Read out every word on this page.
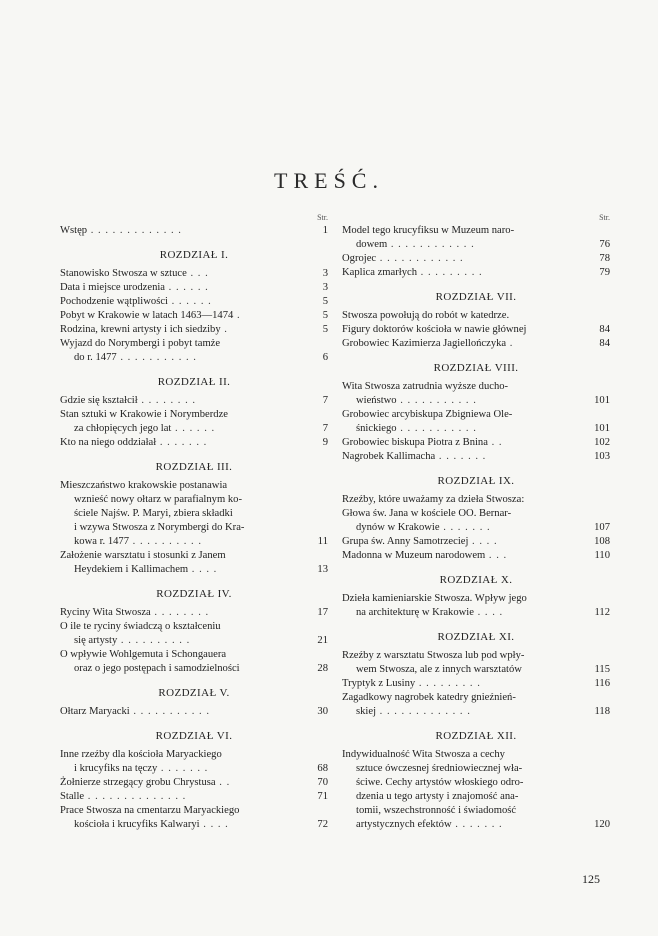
TREŚĆ.
Str.
Wstęp . . . . . . . . . . . . .	1
ROZDZIAŁ I.
Stanowisko Stwosza w sztuce . . .	3
Data i miejsce urodzenia . . . . . .	3
Pochodzenie wątpliwości . . . . . .	5
Pobyt w Krakowie w latach 1463—1474 .	5
Rodzina, krewni artysty i ich siedziby .	5
Wyjazd do Norymbergi i pobyt tamże
do r. 1477 . . . . . . . . . . .	6
ROZDZIAŁ II.
Gdzie się kształcił . . . . . . . .	7
Stan sztuki w Krakowie i Norymberdze
za chłopięcych jego lat . . . . . .	7
Kto na niego oddziałał . . . . . . .	9
ROZDZIAŁ III.
Mieszczaństwo krakowskie postanawia
wznieść nowy ołtarz w parafialnym ko-
ściele Najśw. P. Maryi, zbiera składki
i wzywa Stwosza z Norymbergi do Kra-
kowa r. 1477 . . . . . . . . . .	11
Założenie warsztatu i stosunki z Janem
Heydekiem i Kallimachem . . . .	13
ROZDZIAŁ IV.
Ryciny Wita Stwosza . . . . . . . .	17
O ile te ryciny świadczą o kształceniu
się artysty . . . . . . . . . .	21
O wpływie Wohlgemuta i Schongauera
oraz o jego postępach i samodzielności	28
ROZDZIAŁ V.
Ołtarz Maryacki . . . . . . . . . . .	30
ROZDZIAŁ VI.
Inne rzeźby dla kościoła Maryackiego
i krucyfiks na tęczy . . . . . . .	68
Żołnierze strzegący grobu Chrystusa . .	70
Stalle . . . . . . . . . . . . . .	71
Prace Stwosza na cmentarzu Maryackiego
kościoła i krucyfiks Kalwaryi . . . .	72
Str.
Model tego krucyfiksu w Muzeum naro-
dowem . . . . . . . . . . . .	76
Ogrojec . . . . . . . . . . . .	78
Kaplica zmarłych . . . . . . . . .	79
ROZDZIAŁ VII.
Stwosza powołują do robót w katedrze.
Figury doktorów kościoła w nawie głównej	84
Grobowiec Kazimierza Jagiellończyka .	84
ROZDZIAŁ VIII.
Wita Stwosza zatrudnia wyższe ducho-
wieństwo . . . . . . . . . . .	101
Grobowiec arcybiskupa Zbigniewa Ole-
śnickiego . . . . . . . . . . .	101
Grobowiec biskupa Piotra z Bnina . .	102
Nagrobek Kallimacha . . . . . . .	103
ROZDZIAŁ IX.
Rzeźby, które uważamy za dzieła Stwosza:
Głowa św. Jana w kościele OO. Bernar-
dynów w Krakowie . . . . . . .	107
Grupa św. Anny Samotrzeciej . . . .	108
Madonna w Muzeum narodowem . . .	110
ROZDZIAŁ X.
Dzieła kamieniarskie Stwosza. Wpływ jego
na architekturę w Krakowie . . . .	112
ROZDZIAŁ XI.
Rzeźby z warsztatu Stwosza lub pod wpły-
wem Stwosza, ale z innych warsztatów	115
Tryptyk z Lusiny . . . . . . . . .	116
Zagadkowy nagrobek katedry gnieźnień-
skiej . . . . . . . . . . . . .	118
ROZDZIAŁ XII.
Indywidualność Wita Stwosza a cechy
sztuce ówczesnej średniowiecznej wła-
ściwe. Cechy artystów włoskiego odro-
dzenia u tego artysty i znajomość ana-
tomii, wszechstronność i świadomość
artystycznych efektów . . . . . . .	120
125
